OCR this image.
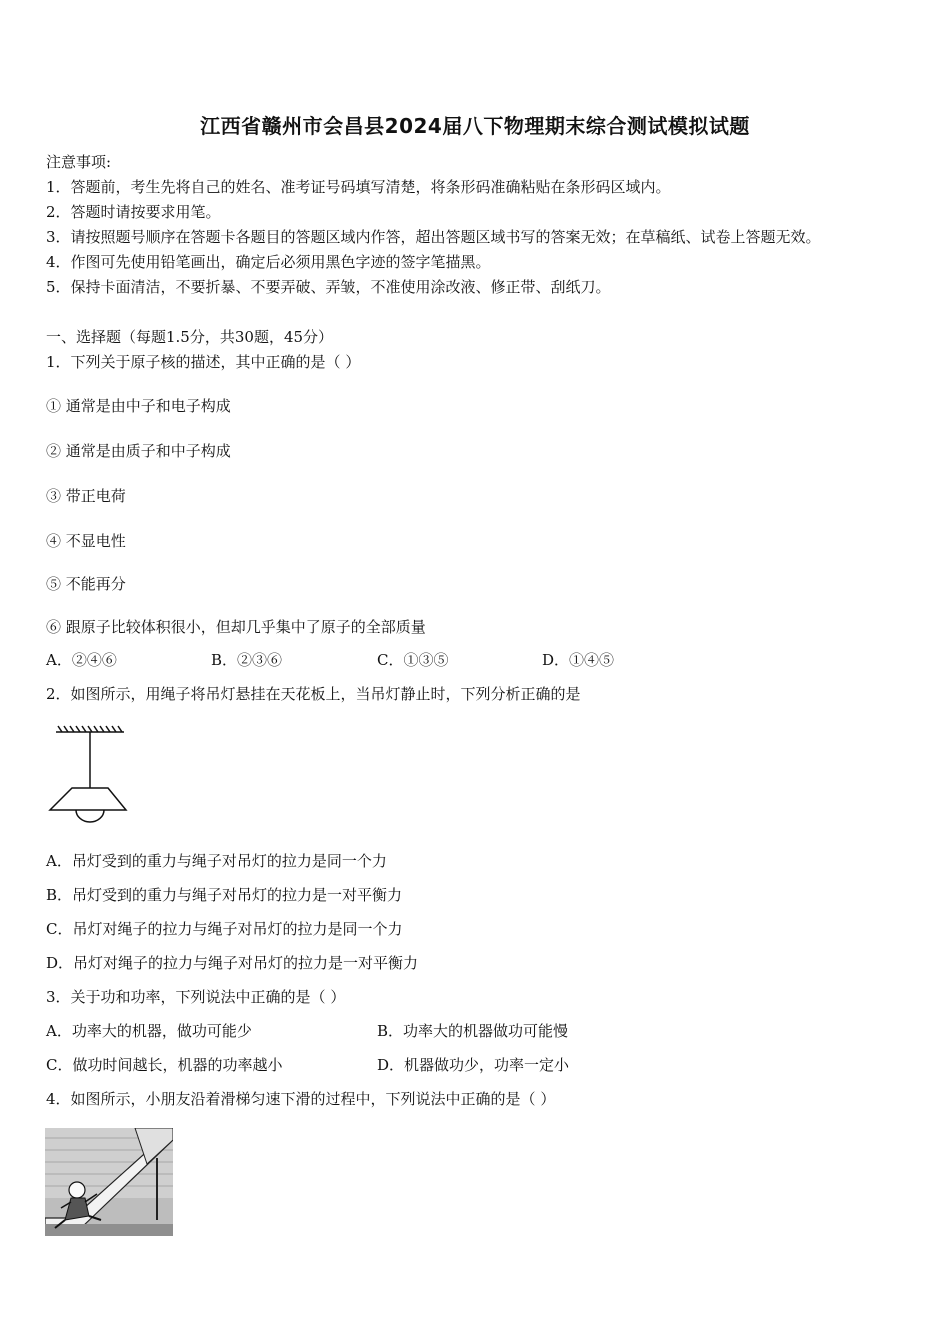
江西省赣州市会昌县2024届八下物理期末综合测试模拟试题
注意事项:
1．答题前，考生先将自己的姓名、准考证号码填写清楚，将条形码准确粘贴在条形码区域内。
2．答题时请按要求用笔。
3．请按照题号顺序在答题卡各题目的答题区域内作答，超出答题区域书写的答案无效；在草稿纸、试卷上答题无效。
4．作图可先使用铅笔画出，确定后必须用黑色字迹的签字笔描黑。
5．保持卡面清洁，不要折暴、不要弄破、弄皱，不准使用涂改液、修正带、刮纸刀。
一、选择题（每题1.5分，共30题，45分）
1．下列关于原子核的描述，其中正确的是（ ）
① 通常是由中子和电子构成
② 通常是由质子和中子构成
③ 带正电荷
④ 不显电性
⑤ 不能再分
⑥ 跟原子比较体积很小，但却几乎集中了原子的全部质量
A．②④⑥	B．②③⑥	C．①③⑤	D．①④⑤
2．如图所示，用绳子将吊灯悬挂在天花板上，当吊灯静止时，下列分析正确的是
A．吊灯受到的重力与绳子对吊灯的拉力是同一个力
B．吊灯受到的重力与绳子对吊灯的拉力是一对平衡力
C．吊灯对绳子的拉力与绳子对吊灯的拉力是同一个力
D．吊灯对绳子的拉力与绳子对吊灯的拉力是一对平衡力
3．关于功和功率，下列说法中正确的是（ ）
A．功率大的机器，做功可能少	B．功率大的机器做功可能慢
C．做功时间越长，机器的功率越小	D．机器做功少，功率一定小
4．如图所示，小朋友沿着滑梯匀速下滑的过程中，下列说法中正确的是（ ）
